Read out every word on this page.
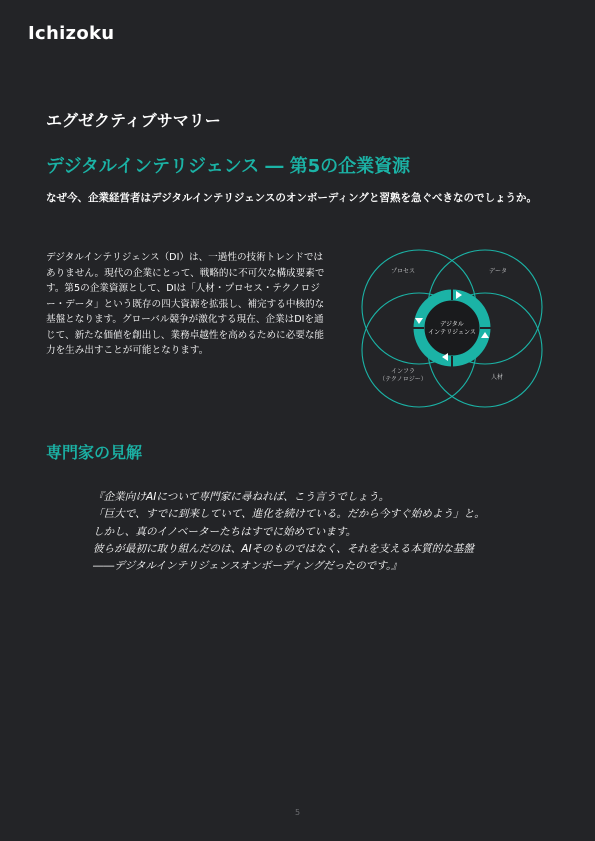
Ichizoku
エグゼクティブサマリー
デジタルインテリジェンス ― 第5の企業資源
なぜ今、企業経営者はデジタルインテリジェンスのオンボーディングと習熟を急ぐべきなのでしょうか。
デジタルインテリジェンス（DI）は、一過性の技術トレンドではありません。現代の企業にとって、戦略的に不可欠な構成要素です。第5の企業資源として、DIは「人材・プロセス・テクノロジー・データ」という既存の四大資源を拡張し、補完する中核的な基盤となります。グローバル競争が激化する現在、企業はDIを通じて、新たな価値を創出し、業務卓越性を高めるために必要な能力を生み出すことが可能となります。
デジタル
インテリジェンス
プロセス	データ
インフラ
（テクノロジー）	人材
専門家の見解
『企業向けAIについて専門家に尋ねれば、こう言うでしょう。
「巨大で、すでに到来していて、進化を続けている。だから今すぐ始めよう」と。
しかし、真のイノベーターたちはすでに始めています。
彼らが最初に取り組んだのは、AIそのものではなく、それを支える本質的な基盤
――デジタルインテリジェンスオンボーディングだったのです。』
5
